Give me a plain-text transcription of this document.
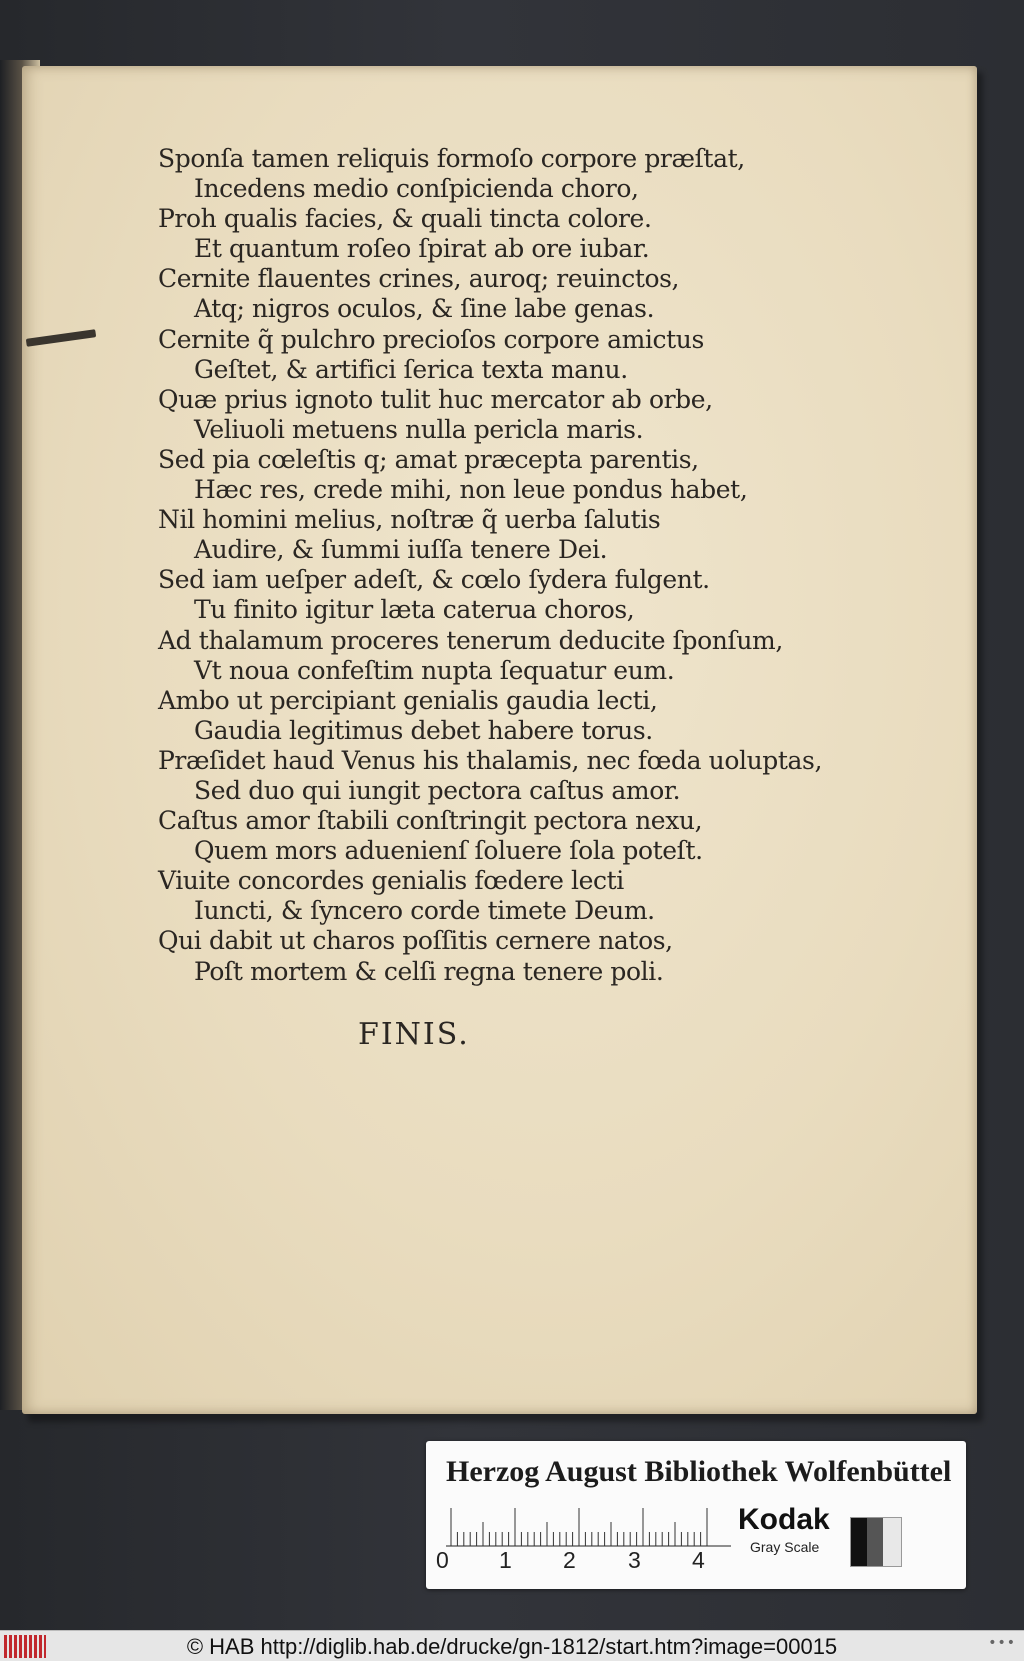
Sponſa tamen reliquis formoſo corpore præſtat,
Incedens medio conſpicienda choro,
Proh qualis facies, & quali tincta colore.
Et quantum roſeo ſpirat ab ore iubar.
Cernite flauentes crines, auroq; reuinctos,
Atq; nigros oculos, & ſine labe genas.
Cernite q̃ pulchro precioſos corpore amictus
Geſtet, & artifici ſerica texta manu.
Quæ prius ignoto tulit huc mercator ab orbe,
Veliuoli metuens nulla pericla maris.
Sed pia cœleſtis q; amat præcepta parentis,
Hæc res, crede mihi, non leue pondus habet,
Nil homini melius, noſtræ q̃ uerba ſalutis
Audire, & ſummi iuſſa tenere Dei.
Sed iam ueſper adeſt, & cœlo ſydera fulgent.
Tu finito igitur læta caterua choros,
Ad thalamum proceres tenerum deducite ſponſum,
Vt noua confeſtim nupta ſequatur eum.
Ambo ut percipiant genialis gaudia lecti,
Gaudia legitimus debet habere torus.
Præſidet haud Venus his thalamis, nec fœda uoluptas,
Sed duo qui iungit pectora caſtus amor.
Caſtus amor ſtabili conſtringit pectora nexu,
Quem mors aduenienſ ſoluere ſola poteſt.
Viuite concordes genialis fœdere lecti
Iuncti, & ſyncero corde timete Deum.
Qui dabit ut charos poſſitis cernere natos,
Poſt mortem & celſi regna tenere poli.
FINIS.
Herzog August Bibliothek Wolfenbüttel
0 1 2 3 4
Kodak
Gray Scale
© HAB http://diglib.hab.de/drucke/gn-1812/start.htm?image=00015	•••
